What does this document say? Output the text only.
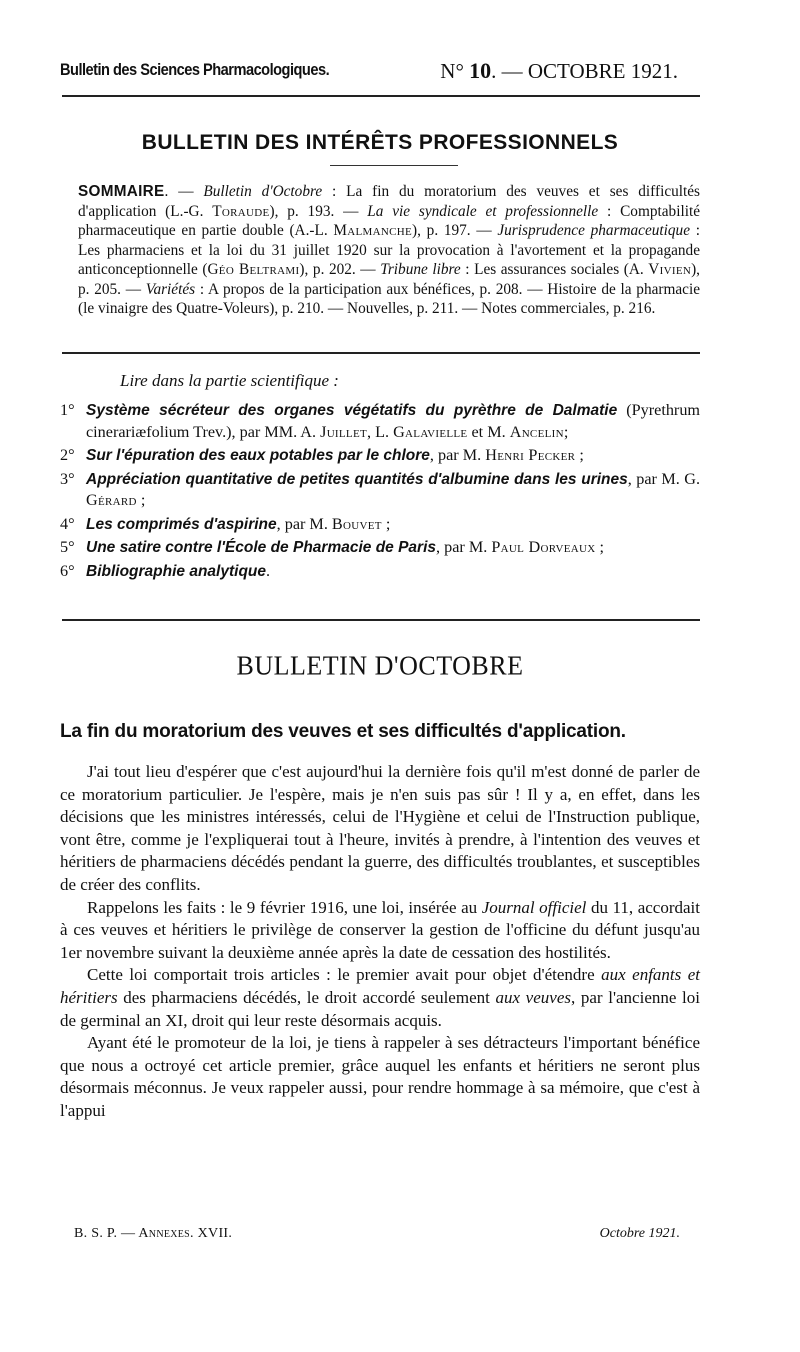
Bulletin des Sciences Pharmacologiques.	N° 10. — OCTOBRE 1921.
BULLETIN DES INTÉRÊTS PROFESSIONNELS
SOMMAIRE. — Bulletin d'Octobre : La fin du moratorium des veuves et ses difficultés d'application (L.-G. Toraude), p. 193. — La vie syndicale et professionnelle : Comptabilité pharmaceutique en partie double (A.-L. Malmanche), p. 197. — Jurisprudence pharmaceutique : Les pharmaciens et la loi du 31 juillet 1920 sur la provocation à l'avortement et la propagande anticonceptionnelle (Géo Beltrami), p. 202. — Tribune libre : Les assurances sociales (A. Vivien), p. 205. — Variétés : A propos de la participation aux bénéfices, p. 208. — Histoire de la pharmacie (le vinaigre des Quatre-Voleurs), p. 210. — Nouvelles, p. 211. — Notes commerciales, p. 216.
Lire dans la partie scientifique :
1° Système sécréteur des organes végétatifs du pyrèthre de Dalmatie (Pyrethrum cinerariæfolium Trev.), par MM. A. Juillet, L. Galavielle et M. Ancelin;
2° Sur l'épuration des eaux potables par le chlore, par M. Henri Pecker ;
3° Appréciation quantitative de petites quantités d'albumine dans les urines, par M. G. Gérard ;
4° Les comprimés d'aspirine, par M. Bouvet ;
5° Une satire contre l'École de Pharmacie de Paris, par M. Paul Dorveaux ;
6° Bibliographie analytique.
BULLETIN D'OCTOBRE
La fin du moratorium des veuves et ses difficultés d'application.

J'ai tout lieu d'espérer que c'est aujourd'hui la dernière fois qu'il m'est donné de parler de ce moratorium particulier. Je l'espère, mais je n'en suis pas sûr ! Il y a, en effet, dans les décisions que les ministres intéressés, celui de l'Hygiène et celui de l'Instruction publique, vont être, comme je l'expliquerai tout à l'heure, invités à prendre, à l'intention des veuves et héritiers de pharmaciens décédés pendant la guerre, des difficultés troublantes, et susceptibles de créer des conflits.

Rappelons les faits : le 9 février 1916, une loi, insérée au Journal officiel du 11, accordait à ces veuves et héritiers le privilège de conserver la gestion de l'officine du défunt jusqu'au 1er novembre suivant la deuxième année après la date de cessation des hostilités.

Cette loi comportait trois articles : le premier avait pour objet d'étendre aux enfants et héritiers des pharmaciens décédés, le droit accordé seulement aux veuves, par l'ancienne loi de germinal an XI, droit qui leur reste désormais acquis.

Ayant été le promoteur de la loi, je tiens à rappeler à ses détracteurs l'important bénéfice que nous a octroyé cet article premier, grâce auquel les enfants et héritiers ne seront plus désormais méconnus. Je veux rappeler aussi, pour rendre hommage à sa mémoire, que c'est à l'appui

B. S. P. — Annexes. XVII.	Octobre 1921.
